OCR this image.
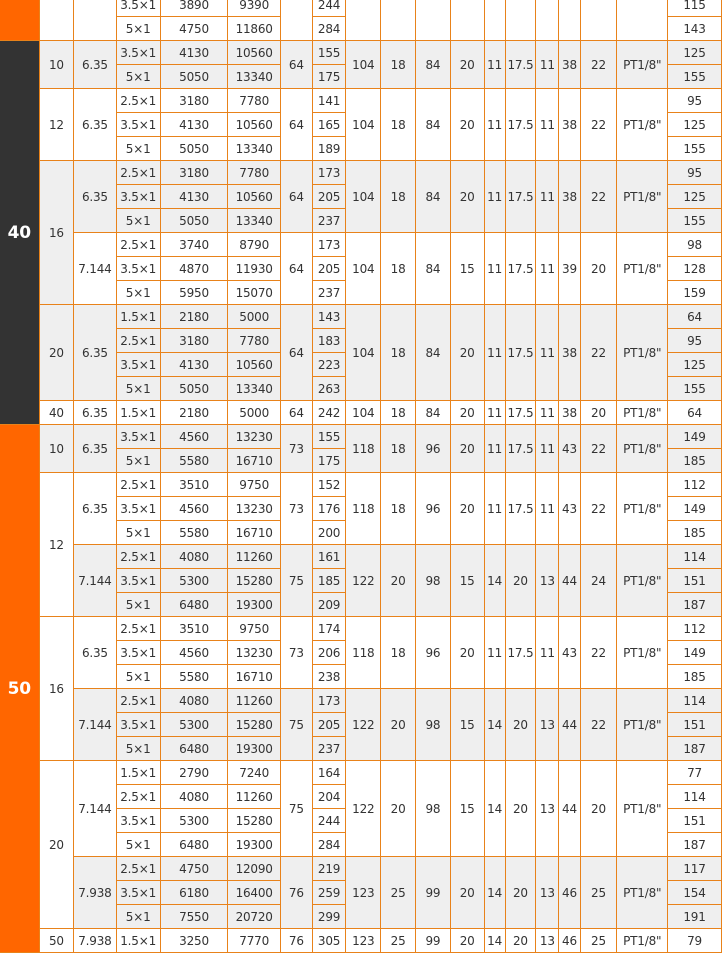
			3.5×1	3890	9390		244											115
			5×1	4750	11860		284											143
40	10	6.35	3.5×1	4130	10560	64	155	104	18	84	20	11	17.5	11	38	22	PT1/8"	125
			5×1	5050	13340		175											155
	12	6.35	2.5×1	3180	7780	64	141	104	18	84	20	11	17.5	11	38	22	PT1/8"	95
			3.5×1	4130	10560		165											125
			5×1	5050	13340		189											155
	16	6.35	2.5×1	3180	7780	64	173	104	18	84	20	11	17.5	11	38	22	PT1/8"	95
			3.5×1	4130	10560		205											125
			5×1	5050	13340		237											155
		7.144	2.5×1	3740	8790	64	173	104	18	84	15	11	17.5	11	39	20	PT1/8"	98
			3.5×1	4870	11930		205											128
			5×1	5950	15070		237											159
	20	6.35	1.5×1	2180	5000	64	143	104	18	84	20	11	17.5	11	38	22	PT1/8"	64
			2.5×1	3180	7780		183											95
			3.5×1	4130	10560		223											125
			5×1	5050	13340		263											155
	40	6.35	1.5×1	2180	5000	64	242	104	18	84	20	11	17.5	11	38	20	PT1/8"	64
50	10	6.35	3.5×1	4560	13230	73	155	118	18	96	20	11	17.5	11	43	22	PT1/8"	149
			5×1	5580	16710		175											185
	12	6.35	2.5×1	3510	9750	73	152	118	18	96	20	11	17.5	11	43	22	PT1/8"	112
			3.5×1	4560	13230		176											149
			5×1	5580	16710		200											185
		7.144	2.5×1	4080	11260	75	161	122	20	98	15	14	20	13	44	24	PT1/8"	114
			3.5×1	5300	15280		185											151
			5×1	6480	19300		209											187
	16	6.35	2.5×1	3510	9750	73	174	118	18	96	20	11	17.5	11	43	22	PT1/8"	112
			3.5×1	4560	13230		206											149
			5×1	5580	16710		238											185
		7.144	2.5×1	4080	11260	75	173	122	20	98	15	14	20	13	44	22	PT1/8"	114
			3.5×1	5300	15280		205											151
			5×1	6480	19300		237											187
	20	7.144	1.5×1	2790	7240	75	164	122	20	98	15	14	20	13	44	20	PT1/8"	77
			2.5×1	4080	11260		204											114
			3.5×1	5300	15280		244											151
			5×1	6480	19300		284											187
		7.938	2.5×1	4750	12090	76	219	123	25	99	20	14	20	13	46	25	PT1/8"	117
			3.5×1	6180	16400		259											154
			5×1	7550	20720		299											191
	50	7.938	1.5×1	3250	7770	76	305	123	25	99	20	14	20	13	46	25	PT1/8"	79
